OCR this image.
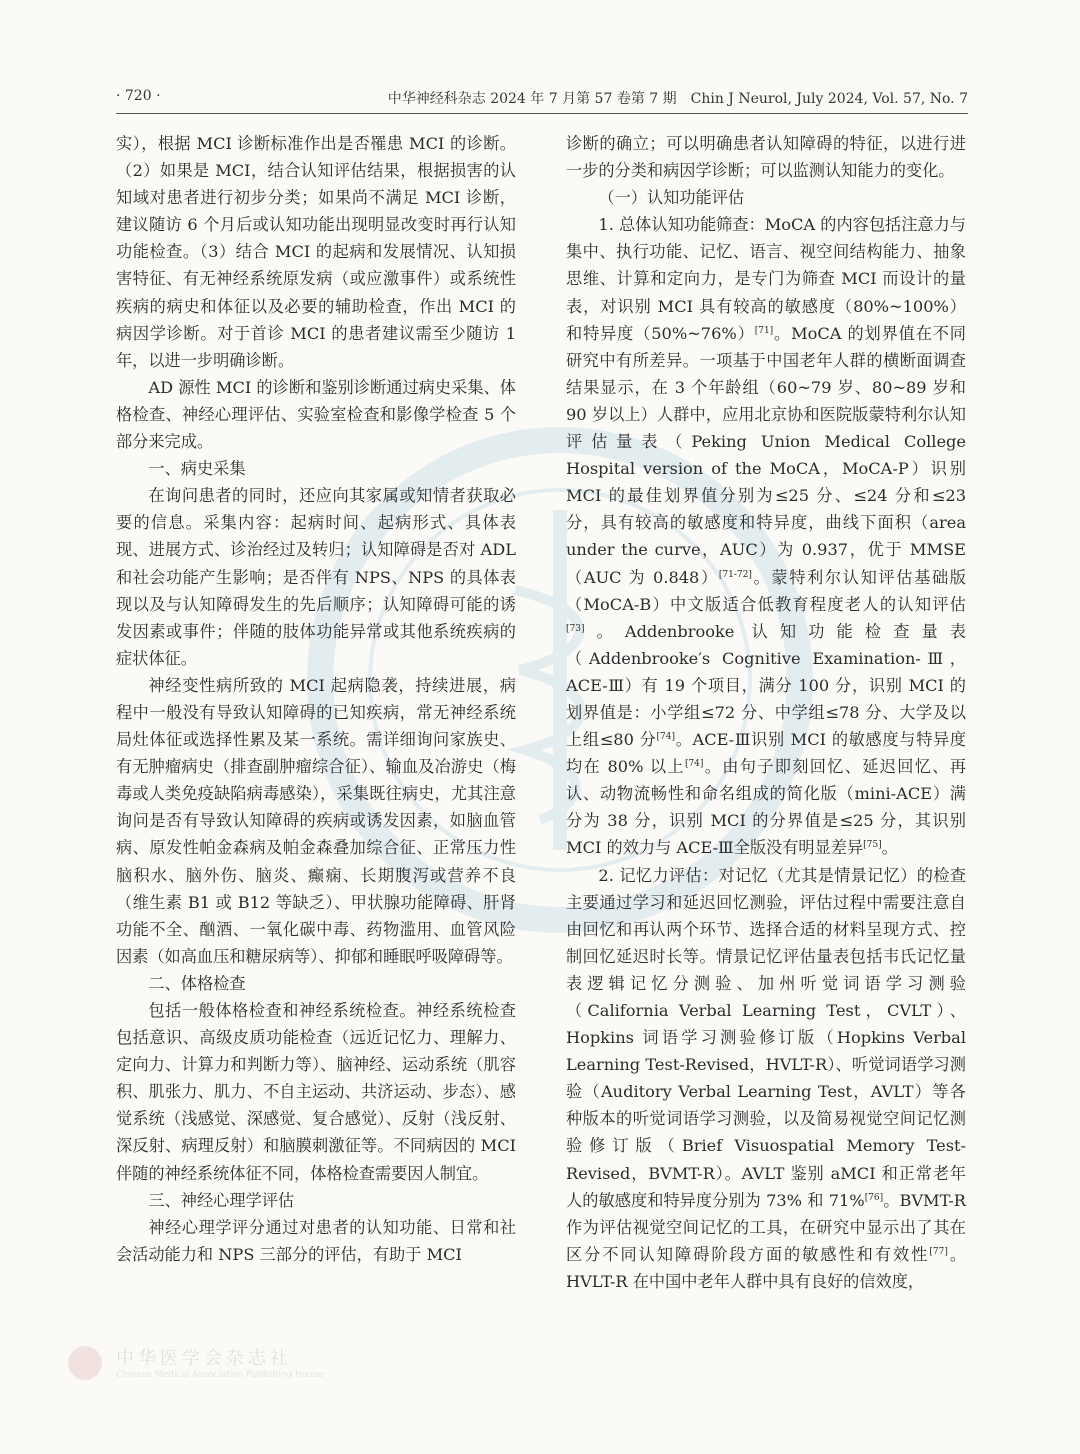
· 720 ·	中华神经科杂志 2024 年 7 月第 57 卷第 7 期　Chin J Neurol, July 2024, Vol. 57, No. 7

实），根据 MCI 诊断标准作出是否罹患 MCI 的诊断。（2）如果是 MCI，结合认知评估结果，根据损害的认知域对患者进行初步分类；如果尚不满足 MCI 诊断，建议随访 6 个月后或认知功能出现明显改变时再行认知功能检查。（3）结合 MCI 的起病和发展情况、认知损害特征、有无神经系统原发病（或应激事件）或系统性疾病的病史和体征以及必要的辅助检查，作出 MCI 的病因学诊断。对于首诊 MCI 的患者建议需至少随访 1 年，以进一步明确诊断。

AD 源性 MCI 的诊断和鉴别诊断通过病史采集、体格检查、神经心理评估、实验室检查和影像学检查 5 个部分来完成。

一、病史采集

在询问患者的同时，还应向其家属或知情者获取必要的信息。采集内容：起病时间、起病形式、具体表现、进展方式、诊治经过及转归；认知障碍是否对 ADL 和社会功能产生影响；是否伴有 NPS、NPS 的具体表现以及与认知障碍发生的先后顺序；认知障碍可能的诱发因素或事件；伴随的肢体功能异常或其他系统疾病的症状体征。

神经变性病所致的 MCI 起病隐袭，持续进展，病程中一般没有导致认知障碍的已知疾病，常无神经系统局灶体征或选择性累及某一系统。需详细询问家族史、有无肿瘤病史（排查副肿瘤综合征）、输血及冶游史（梅毒或人类免疫缺陷病毒感染），采集既往病史，尤其注意询问是否有导致认知障碍的疾病或诱发因素，如脑血管病、原发性帕金森病及帕金森叠加综合征、正常压力性脑积水、脑外伤、脑炎、癫痫、长期腹泻或营养不良（维生素 B1 或 B12 等缺乏）、甲状腺功能障碍、肝肾功能不全、酗酒、一氧化碳中毒、药物滥用、血管风险因素（如高血压和糖尿病等）、抑郁和睡眠呼吸障碍等。

二、体格检查

包括一般体格检查和神经系统检查。神经系统检查包括意识、高级皮质功能检查（远近记忆力、理解力、定向力、计算力和判断力等）、脑神经、运动系统（肌容积、肌张力、肌力、不自主运动、共济运动、步态）、感觉系统（浅感觉、深感觉、复合感觉）、反射（浅反射、深反射、病理反射）和脑膜刺激征等。不同病因的 MCI 伴随的神经系统体征不同，体格检查需要因人制宜。

三、神经心理学评估

神经心理学评分通过对患者的认知功能、日常和社会活动能力和 NPS 三部分的评估，有助于 MCI

诊断的确立；可以明确患者认知障碍的特征，以进行进一步的分类和病因学诊断；可以监测认知能力的变化。

（一）认知功能评估

1. 总体认知功能筛查：MoCA 的内容包括注意力与集中、执行功能、记忆、语言、视空间结构能力、抽象思维、计算和定向力，是专门为筛查 MCI 而设计的量表，对识别 MCI 具有较高的敏感度（80%~100%）和特异度（50%~76%）[71]。MoCA 的划界值在不同研究中有所差异。一项基于中国老年人群的横断面调查结果显示，在 3 个年龄组（60~79 岁、80~89 岁和 90 岁以上）人群中，应用北京协和医院版蒙特利尔认知评估量表（Peking Union Medical College Hospital version of the MoCA，MoCA-P）识别 MCI 的最佳划界值分别为≤25 分、≤24 分和≤23 分，具有较高的敏感度和特异度，曲线下面积（area under the curve，AUC）为 0.937，优于 MMSE（AUC 为 0.848）[71-72]。蒙特利尔认知评估基础版（MoCA-B）中文版适合低教育程度老人的认知评估[73]。Addenbrooke 认知功能检查量表（Addenbrooke′s Cognitive Examination-Ⅲ，ACE-Ⅲ）有 19 个项目，满分 100 分，识别 MCI 的划界值是：小学组≤72 分、中学组≤78 分、大学及以上组≤80 分[74]。ACE-Ⅲ识别 MCI 的敏感度与特异度均在 80% 以上[74]。由句子即刻回忆、延迟回忆、再认、动物流畅性和命名组成的简化版（mini-ACE）满分为 38 分，识别 MCI 的分界值是≤25 分，其识别 MCI 的效力与 ACE-Ⅲ全版没有明显差异[75]。

2. 记忆力评估：对记忆（尤其是情景记忆）的检查主要通过学习和延迟回忆测验，评估过程中需要注意自由回忆和再认两个环节、选择合适的材料呈现方式、控制回忆延迟时长等。情景记忆评估量表包括韦氏记忆量表逻辑记忆分测验、加州听觉词语学习测验（California Verbal Learning Test，CVLT）、Hopkins 词语学习测验修订版（Hopkins Verbal Learning Test-Revised，HVLT-R）、听觉词语学习测验（Auditory Verbal Learning Test，AVLT）等各种版本的听觉词语学习测验，以及简易视觉空间记忆测验修订版（Brief Visuospatial Memory Test-Revised，BVMT-R）。AVLT 鉴别 aMCI 和正常老年人的敏感度和特异度分别为 73% 和 71%[76]。BVMT-R 作为评估视觉空间记忆的工具，在研究中显示出了其在区分不同认知障碍阶段方面的敏感性和有效性[77]。HVLT-R 在中国中老年人群中具有良好的信效度，

中华医学会杂志社
Chinese Medical Association Publishing House
